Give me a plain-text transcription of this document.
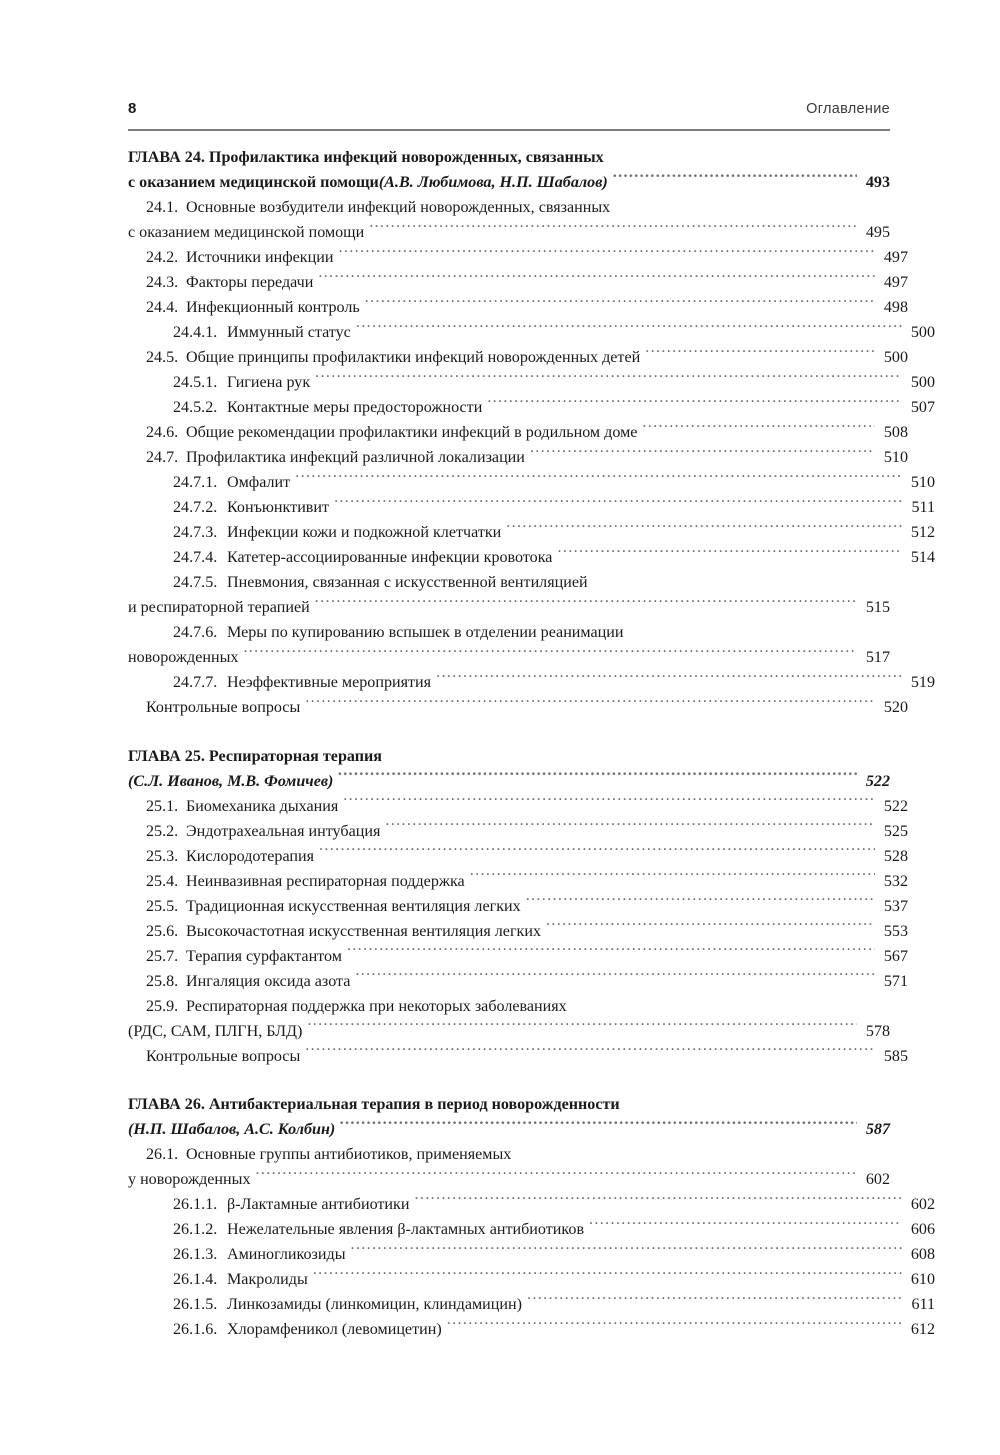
8	Оглавление
ГЛАВА 24. Профилактика инфекций новорожденных, связанных
с оказанием медицинской помощи (А.В. Любимова, Н.П. Шабалов) .....	493
24.1. Основные возбудители инфекций новорожденных, связанных
с оказанием медицинской помощи .....	495
24.2. Источники инфекции .....	497
24.3. Факторы передачи .....	497
24.4. Инфекционный контроль .....	498
24.4.1. Иммунный статус .....	500
24.5. Общие принципы профилактики инфекций новорожденных детей .....	500
24.5.1. Гигиена рук .....	500
24.5.2. Контактные меры предосторожности .....	507
24.6. Общие рекомендации профилактики инфекций в родильном доме .....	508
24.7. Профилактика инфекций различной локализации .....	510
24.7.1. Омфалит .....	510
24.7.2. Конъюнктивит .....	511
24.7.3. Инфекции кожи и подкожной клетчатки .....	512
24.7.4. Катетер-ассоциированные инфекции кровотока .....	514
24.7.5. Пневмония, связанная с искусственной вентиляцией
и респираторной терапией .....	515
24.7.6. Меры по купированию вспышек в отделении реанимации
новорожденных .....	517
24.7.7. Неэффективные мероприятия .....	519
Контрольные вопросы .....	520
ГЛАВА 25. Респираторная терапия
(С.Л. Иванов, М.В. Фомичев) .....	522
25.1. Биомеханика дыхания .....	522
25.2. Эндотрахеальная интубация .....	525
25.3. Кислородотерапия .....	528
25.4. Неинвазивная респираторная поддержка .....	532
25.5. Традиционная искусственная вентиляция легких .....	537
25.6. Высокочастотная искусственная вентиляция легких .....	553
25.7. Терапия сурфактантом .....	567
25.8. Ингаляция оксида азота .....	571
25.9. Респираторная поддержка при некоторых заболеваниях
(РДС, САМ, ПЛГН, БЛД) .....	578
Контрольные вопросы .....	585
ГЛАВА 26. Антибактериальная терапия в период новорожденности
(Н.П. Шабалов, А.С. Колбин) .....	587
26.1. Основные группы антибиотиков, применяемых
у новорожденных .....	602
26.1.1. β-Лактамные антибиотики .....	602
26.1.2. Нежелательные явления β-лактамных антибиотиков .....	606
26.1.3. Аминогликозиды .....	608
26.1.4. Макролиды .....	610
26.1.5. Линкозамиды (линкомицин, клиндамицин) .....	611
26.1.6. Хлорамфеникол (левомицетин) .....	612
